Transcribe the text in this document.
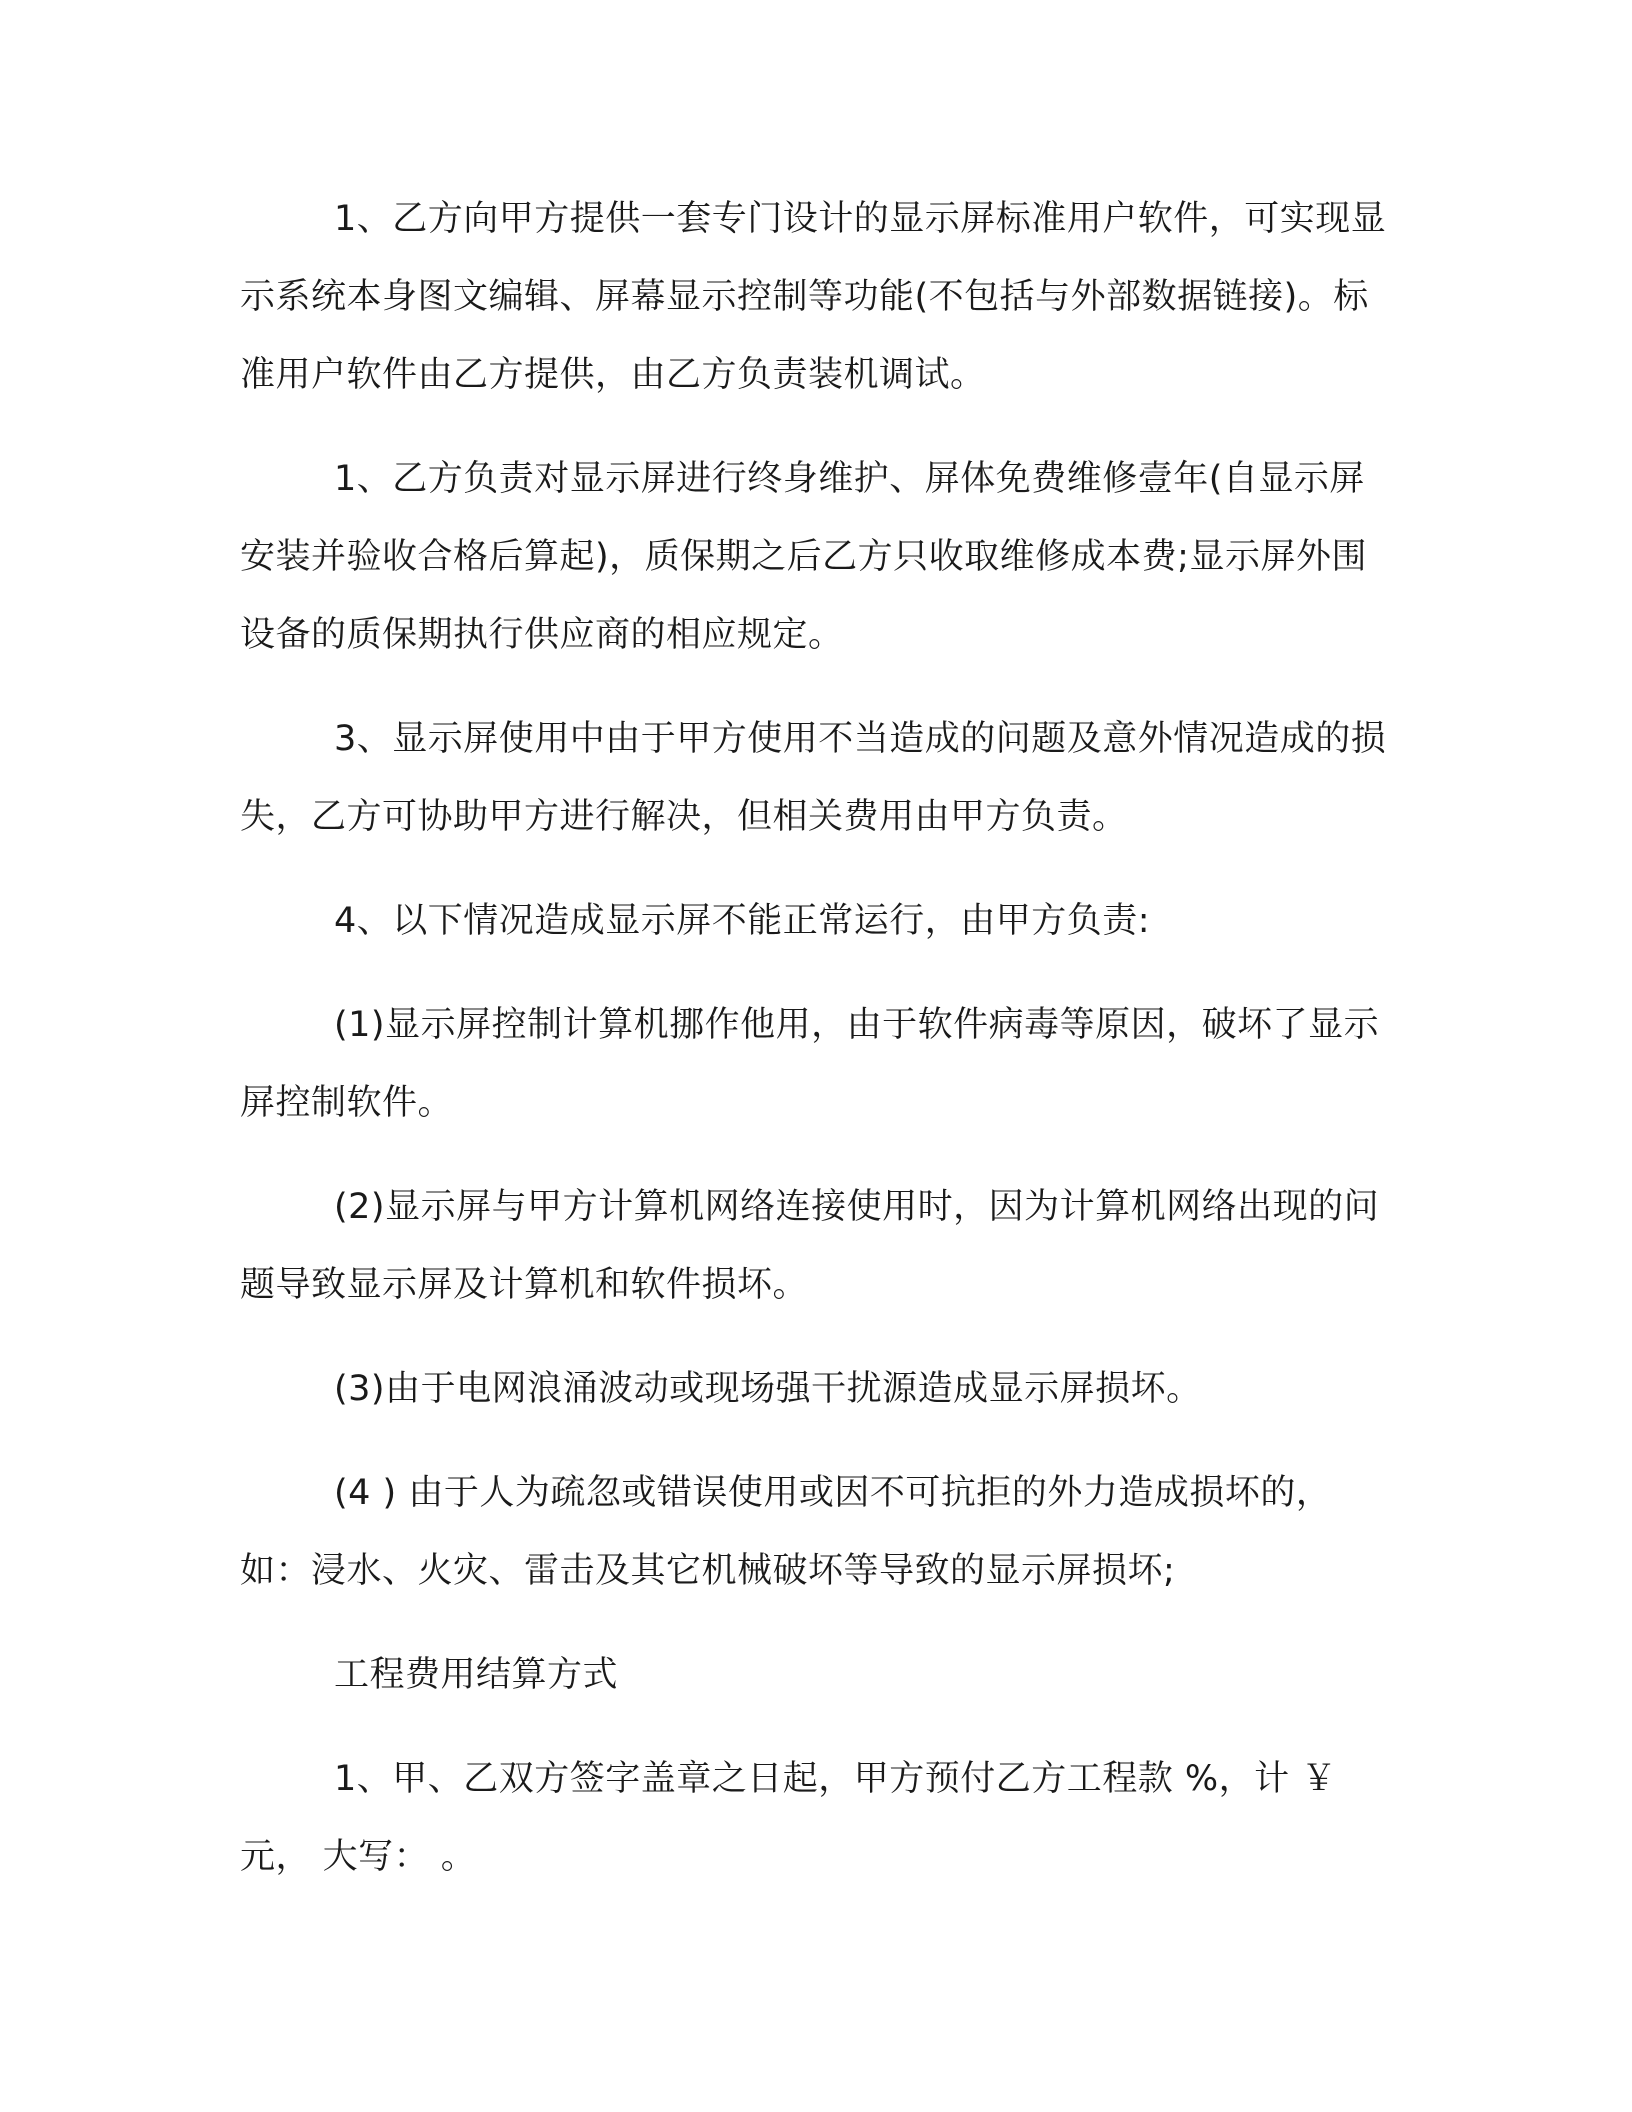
1、乙方向甲方提供一套专门设计的显示屏标准用户软件，可实现显示系统本身图文编辑、屏幕显示控制等功能(不包括与外部数据链接)。标准用户软件由乙方提供，由乙方负责装机调试。

1、乙方负责对显示屏进行终身维护、屏体免费维修壹年(自显示屏安装并验收合格后算起)，质保期之后乙方只收取维修成本费;显示屏外围设备的质保期执行供应商的相应规定。

3、显示屏使用中由于甲方使用不当造成的问题及意外情况造成的损失，乙方可协助甲方进行解决，但相关费用由甲方负责。

4、以下情况造成显示屏不能正常运行，由甲方负责:

(1)显示屏控制计算机挪作他用，由于软件病毒等原因，破坏了显示屏控制软件。

(2)显示屏与甲方计算机网络连接使用时，因为计算机网络出现的问题导致显示屏及计算机和软件损坏。

(3)由于电网浪涌波动或现场强干扰源造成显示屏损坏。

(4 ) 由于人为疏忽或错误使用或因不可抗拒的外力造成损坏的，如：浸水、火灾、雷击及其它机械破坏等导致的显示屏损坏;

工程费用结算方式

1、甲、乙双方签字盖章之日起，甲方预付乙方工程款 %，计 ￥ 元， 大写： 。
